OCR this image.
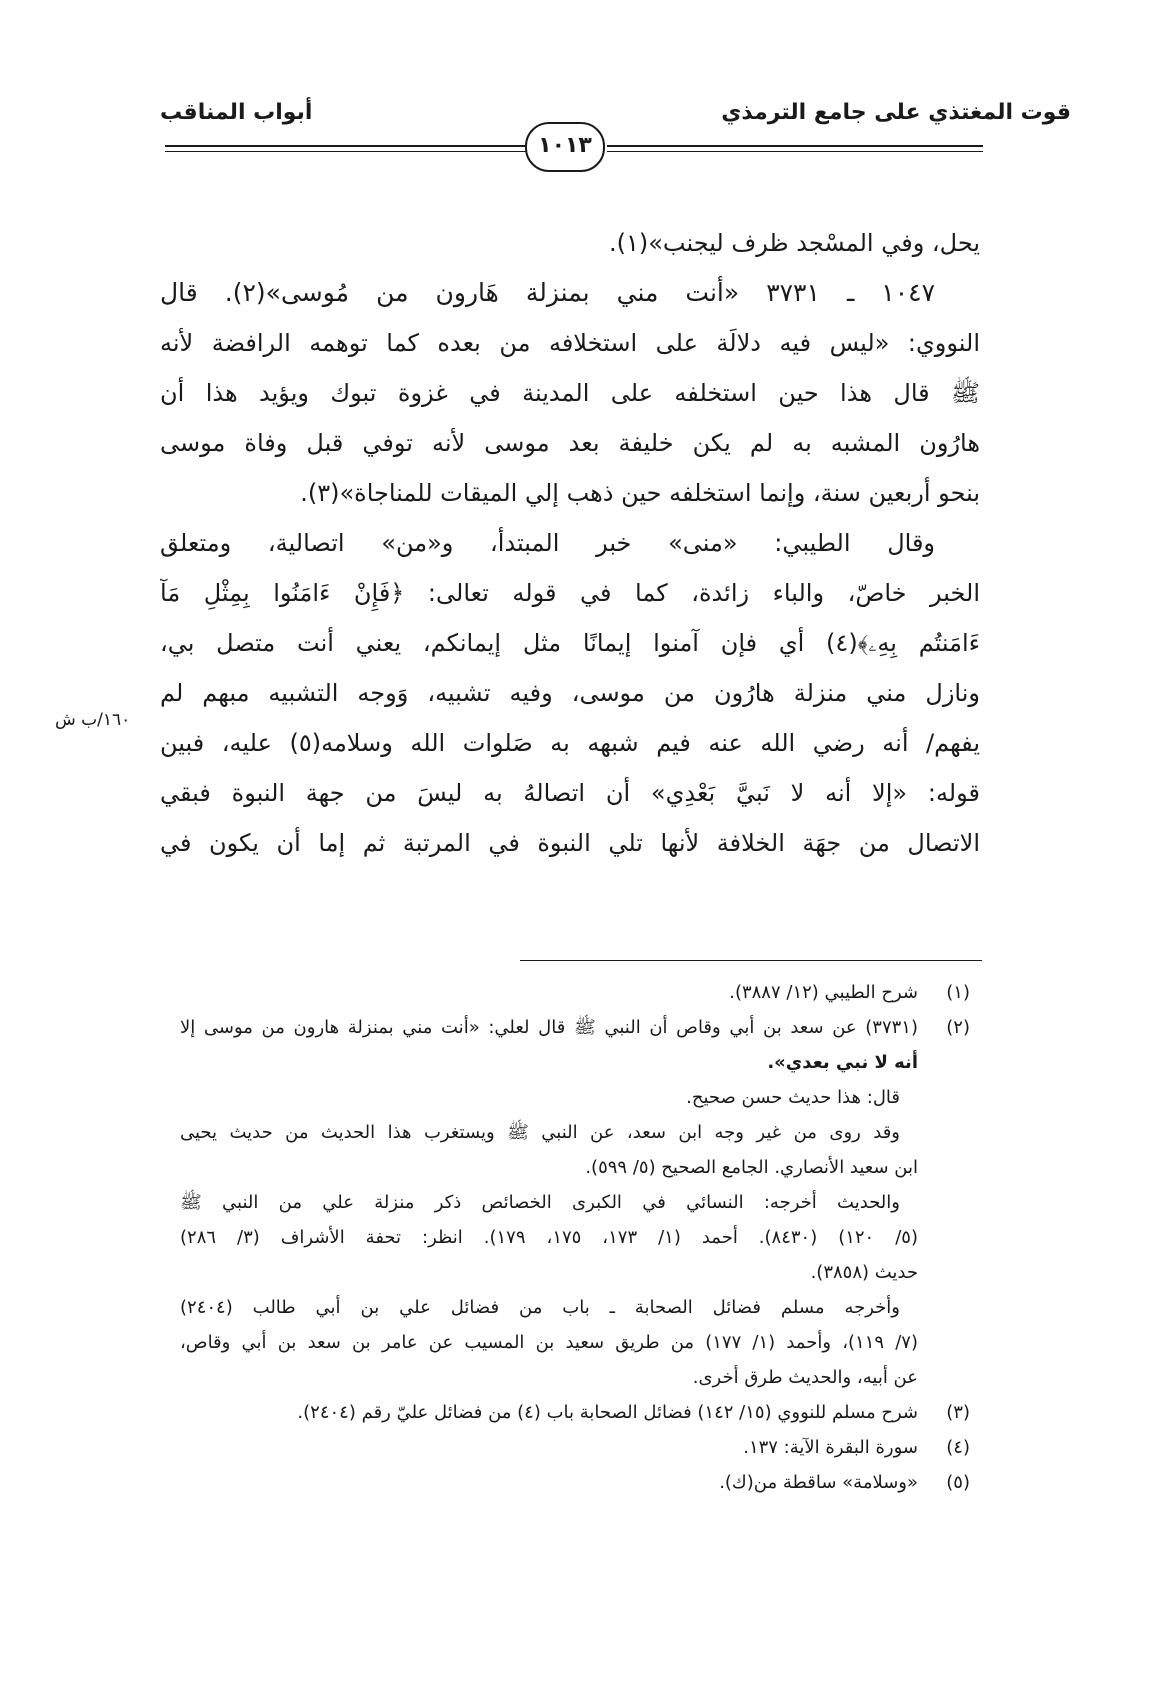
قوت المغتذي على جامع الترمذي
أبواب المناقب
١٠١٣
١٦٠/ب ش
يحل، وفي المسْجد ظرف ليجنب»(١).
١٠٤٧ ـ ٣٧٣١ «أنت مني بمنزلة هَارون من مُوسى»(٢). قال
النووي: «ليس فيه دلالَة على استخلافه من بعده كما توهمه الرافضة لأنه
ﷺ قال هذا حين استخلفه على المدينة في غزوة تبوك ويؤيد هذا أن
هارُون المشبه به لم يكن خليفة بعد موسى لأنه توفي قبل وفاة موسى
بنحو أربعين سنة، وإنما استخلفه حين ذهب إلي الميقات للمناجاة»(٣).
وقال الطيبي: «منى» خبر المبتدأ، و«من» اتصالية، ومتعلق
الخبر خاصّ، والباء زائدة، كما في قوله تعالى: ﴿فَإِنْ ءَامَنُوا بِمِثْلِ مَآ
ءَامَنتُم بِهِۦ﴾(٤) أي فإن آمنوا إيمانًا مثل إيمانكم، يعني أنت متصل بي،
ونازل مني منزلة هارُون من موسى، وفيه تشبيه، وَوجه التشبيه مبهم لم
يفهم/ أنه رضي الله عنه فيم شبهه به صَلوات الله وسلامه(٥) عليه، فبين
قوله: «إلا أنه لا نَبيَّ بَعْدِي» أن اتصالهُ به ليسَ من جهة النبوة فبقي
الاتصال من جهَة الخلافة لأنها تلي النبوة في المرتبة ثم إما أن يكون في
(١)
شرح الطيبي (١٢/ ٣٨٨٧).
(٢)
(٣٧٣١) عن سعد بن أبي وقاص أن النبي ﷺ قال لعلي: «أنت مني بمنزلة هارون من موسى إلا
أنه لا نبي بعدي».
قال: هذا حديث حسن صحيح.
وقد روى من غير وجه ابن سعد، عن النبي ﷺ ويستغرب هذا الحديث من حديث يحيى
ابن سعيد الأنصاري. الجامع الصحيح (٥/ ٥٩٩).
والحديث أخرجه: النسائي في الكبرى الخصائص ذكر منزلة علي من النبي ﷺ
(٥/ ١٢٠) (٨٤٣٠). أحمد (١/ ١٧٣، ١٧٥، ١٧٩). انظر: تحفة الأشراف (٣/ ٢٨٦)
حديث (٣٨٥٨).
وأخرجه مسلم فضائل الصحابة ـ باب من فضائل علي بن أبي طالب (٢٤٠٤)
(٧/ ١١٩)، وأحمد (١/ ١٧٧) من طريق سعيد بن المسيب عن عامر بن سعد بن أبي وقاص،
عن أبيه، والحديث طرق أخرى.
(٣)
شرح مسلم للنووي (١٥/ ١٤٢) فضائل الصحابة باب (٤) من فضائل عليّ رقم (٢٤٠٤).
(٤)
سورة البقرة الآية: ١٣٧.
(٥)
«وسلامة» ساقطة من(ك).
